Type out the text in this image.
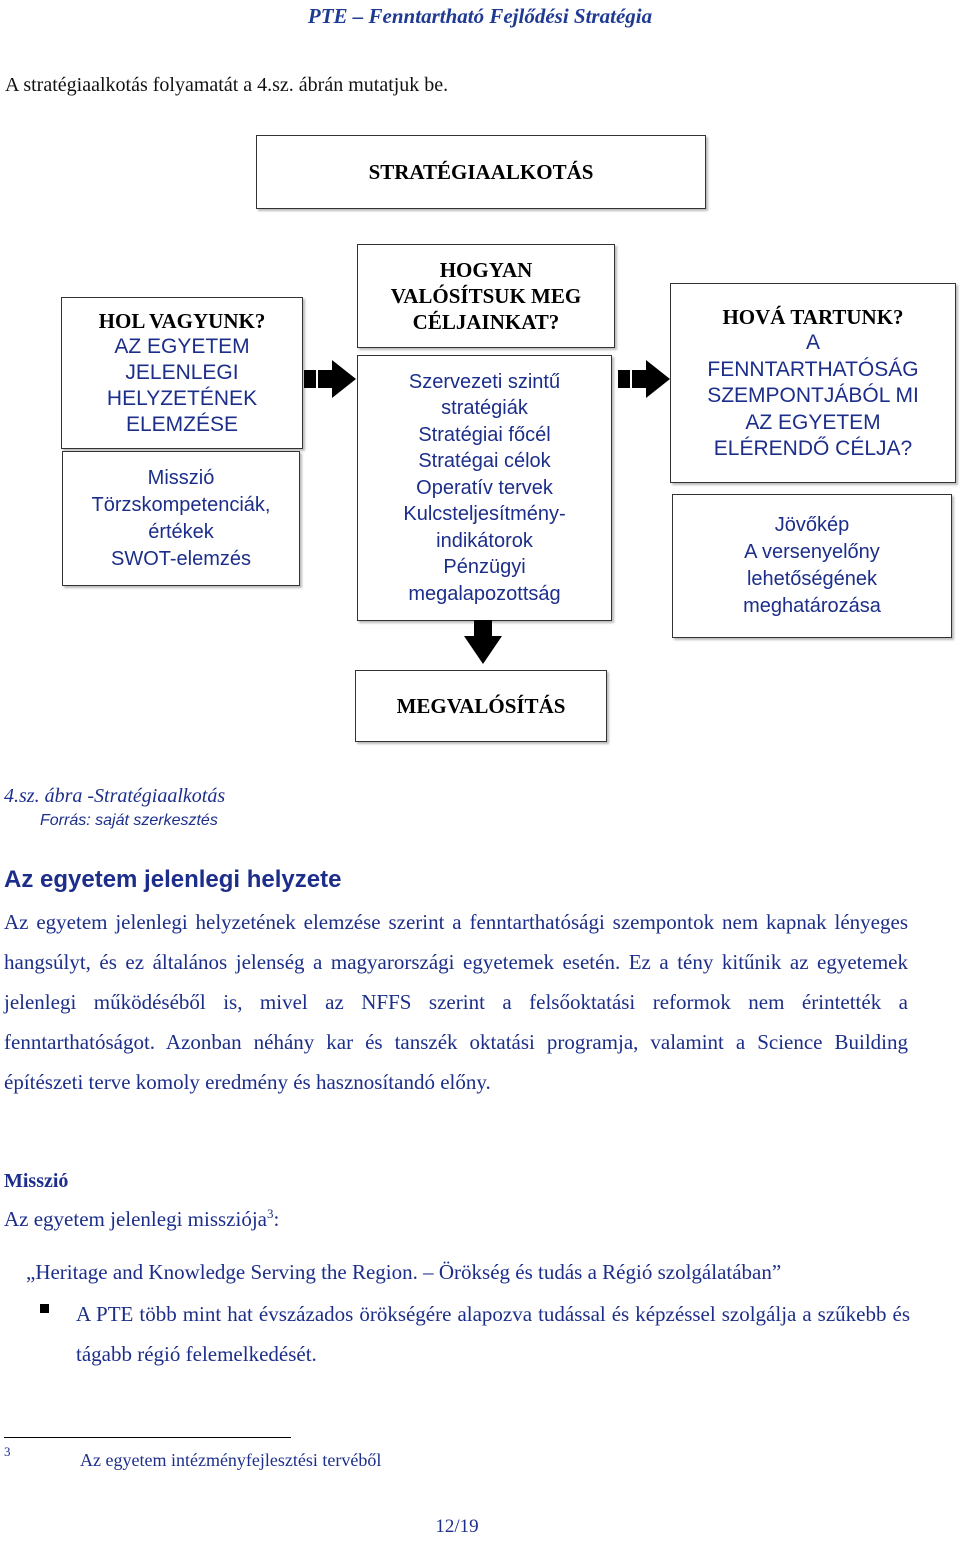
PTE – Fenntartható Fejlődési Stratégia
A stratégiaalkotás folyamatát a 4.sz. ábrán mutatjuk be.
STRATÉGIAALKOTÁS
HOL VAGYUNK?
AZ EGYETEM
JELENLEGI
HELYZETÉNEK
ELEMZÉSE
Misszió
Törzskompetenciák,
értékek
SWOT-elemzés
HOGYAN
VALÓSÍTSUK MEG
CÉLJAINKAT?
Szervezeti szintű
stratégiák
Stratégiai főcél
Stratégai célok
Operatív tervek
Kulcsteljesítmény-
indikátorok
Pénzügyi
megalapozottság
HOVÁ TARTUNK?
A
FENNTARTHATÓSÁG
SZEMPONTJÁBÓL MI
AZ EGYETEM
ELÉRENDŐ CÉLJA?
Jövőkép
A versenyelőny
lehetőségének
meghatározása
MEGVALÓSÍTÁS
4.sz. ábra -Stratégiaalkotás
Forrás: saját szerkesztés
Az egyetem jelenlegi helyzete
Az egyetem jelenlegi helyzetének elemzése szerint a fenntarthatósági szempontok nem kapnak lényeges hangsúlyt, és ez általános jelenség a magyarországi egyetemek esetén. Ez a tény kitűnik az egyetemek jelenlegi működéséből is, mivel az NFFS szerint a felsőoktatási reformok nem érintették a fenntarthatóságot. Azonban néhány kar és tanszék oktatási programja, valamint a Science Building építészeti terve komoly eredmény és hasznosítandó előny.
Misszió
Az egyetem jelenlegi missziója$^3$:
„Heritage and Knowledge Serving the Region. – Örökség és tudás a Régió szolgálatában”
A PTE több mint hat évszázados örökségére alapozva tudással és képzéssel szolgálja a szűkebb és tágabb régió felemelkedését.
3	Az egyetem intézményfejlesztési tervéből
12/19
